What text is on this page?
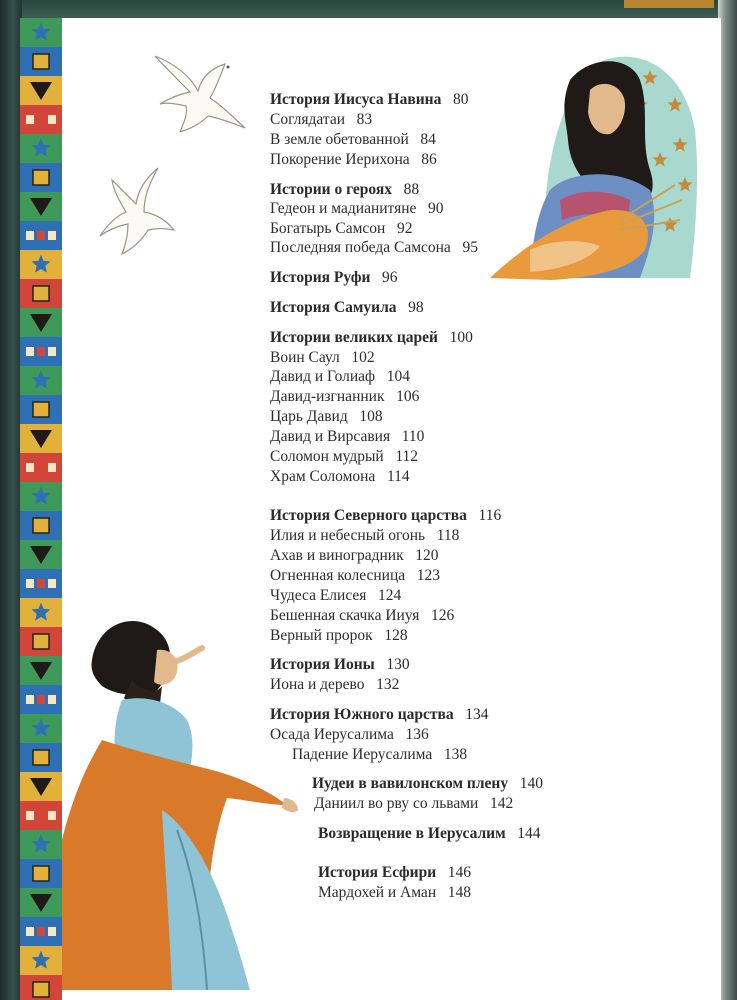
История Иисуса Навина 80
Соглядатаи 83
В земле обетованной 84
Покорение Иерихона 86
Истории о героях 88
Гедеон и мадианитяне 90
Богатырь Самсон 92
Последняя победа Самсона 95
История Руфи 96
История Самуила 98
Истории великих царей 100
Воин Саул 102
Давид и Голиаф 104
Давид-изгнанник 106
Царь Давид 108
Давид и Вирсавия 110
Соломон мудрый 112
Храм Соломона 114
История Северного царства 116
Илия и небесный огонь 118
Ахав и виноградник 120
Огненная колесница 123
Чудеса Елисея 124
Бешенная скачка Ииуя 126
Верный пророк 128
История Ионы 130
Иона и дерево 132
История Южного царства 134
Осада Иерусалима 136
Падение Иерусалима 138
Иудеи в вавилонском плену 140
Даниил во рву со львами 142
Возвращение в Иерусалим 144
История Есфири 146
Мардохей и Аман 148
